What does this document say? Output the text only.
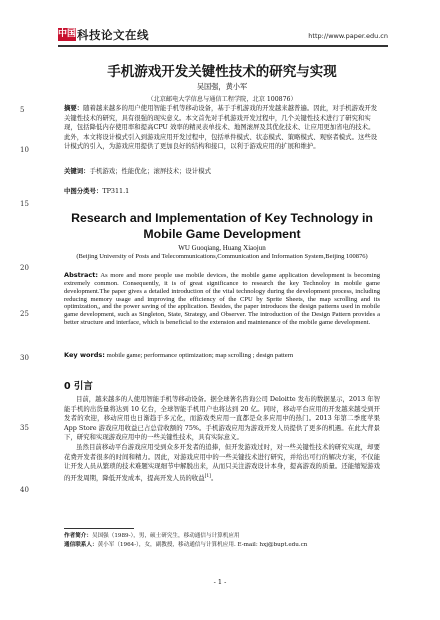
中国 科技论文在线	http://www.paper.edu.cn
5
10
15
20
25
30
35
40
手机游戏开发关键性技术的研究与实现
吴国强，黄小军
（北京邮电大学信息与通信工程学院，北京 100876）
摘要：随着越来越多的用户使用智能手机等移动设备，基于手机游戏的开发越来越普遍。因此，对手机游戏开发关键性技术的研究，具有很强的现实意义。本文首先对手机游戏开发过程中，几个关键性技术进行了研究和实现，包括降低内存使用率和提高CPU 效率的精灵表单技术、地图滚屏及其优化技术、让应用更加省电的技术。此外，本文将设计模式引入到游戏应用开发过程中，包括单件模式、状态模式、策略模式、观察者模式。这些设计模式的引入，为游戏应用提供了更加良好的结构和接口，以利于游戏应用的扩展和维护。
关键词：手机游戏；性能优化；滚屏技术；设计模式
中图分类号：TP311.1
Research and Implementation of Key Technology in Mobile Game Development
WU Guoqiang, Huang Xiaojun
(Beijing University of Posts and Telecommunications,Communication and Information System,Beijing 100876)
Abstract: As more and more people use mobile devices, the mobile game application development is becoming extremely common. Consequently, it is of great significance to research the key Technoloy in mobile game development.The paper gives a detailed introduction of the vital technology during the development process, including reducing memory usage and improving the efficiency of the CPU by Sprite Sheets, the map scrolling and its optimization,, and the power saving of the application. Besides, the paper introduces the design patterns used in mobile game development, such as Singleton, State, Strategy, and Observer. The introduction of the Design Pattern provides a better structure and interface, which is beneficial to the extension and maintenance of the mobile game development.
Key words: mobile game; performance optimization; map scrolling ; design pattern
0 引言

目前，越来越多的人使用智能手机等移动设备。据全球著名咨询公司 Deloitte 发布的数据显示，2013 年智能手机的出货量将达到 10 亿台，全球智能手机用户也将达到 20 亿。同时，移动平台应用的开发越来越受到开发者的欢迎，移动应用也日渐趋于多元化，而游戏类应用一直都是众多应用中的热门。2013 年第二季度苹果 App Store 游戏应用收益已占总营收额的 75%。手机游戏应用为游戏开发人员提供了更多的机遇。在此大背景下，研究和实现游戏应用中的一些关键性技术，具有实际意义。

虽然目前移动平台游戏应用受到众多开发者的追捧，但开发游戏过时，对一些关键性技术的研究实现，却要花费开发者很多的时间和精力。因此，对游戏应用中的一些关键技术进行研究，并给出可行的解决方案，不仅能让开发人员从繁琐的技术难题实现细节中解脱出来，从而只关注游戏设计本身，提高游戏的质量。还能缩短游戏的开发周期，降低开发成本，提高开发人员的收益[1]。

作者简介：吴国强（1989-），男，硕士研究生，移动通信与计算机应用
通信联系人：黄小军（1964-），女，副教授，移动通信与计算机应用. E-mail: hxj@bupt.edu.cn
- 1 -
